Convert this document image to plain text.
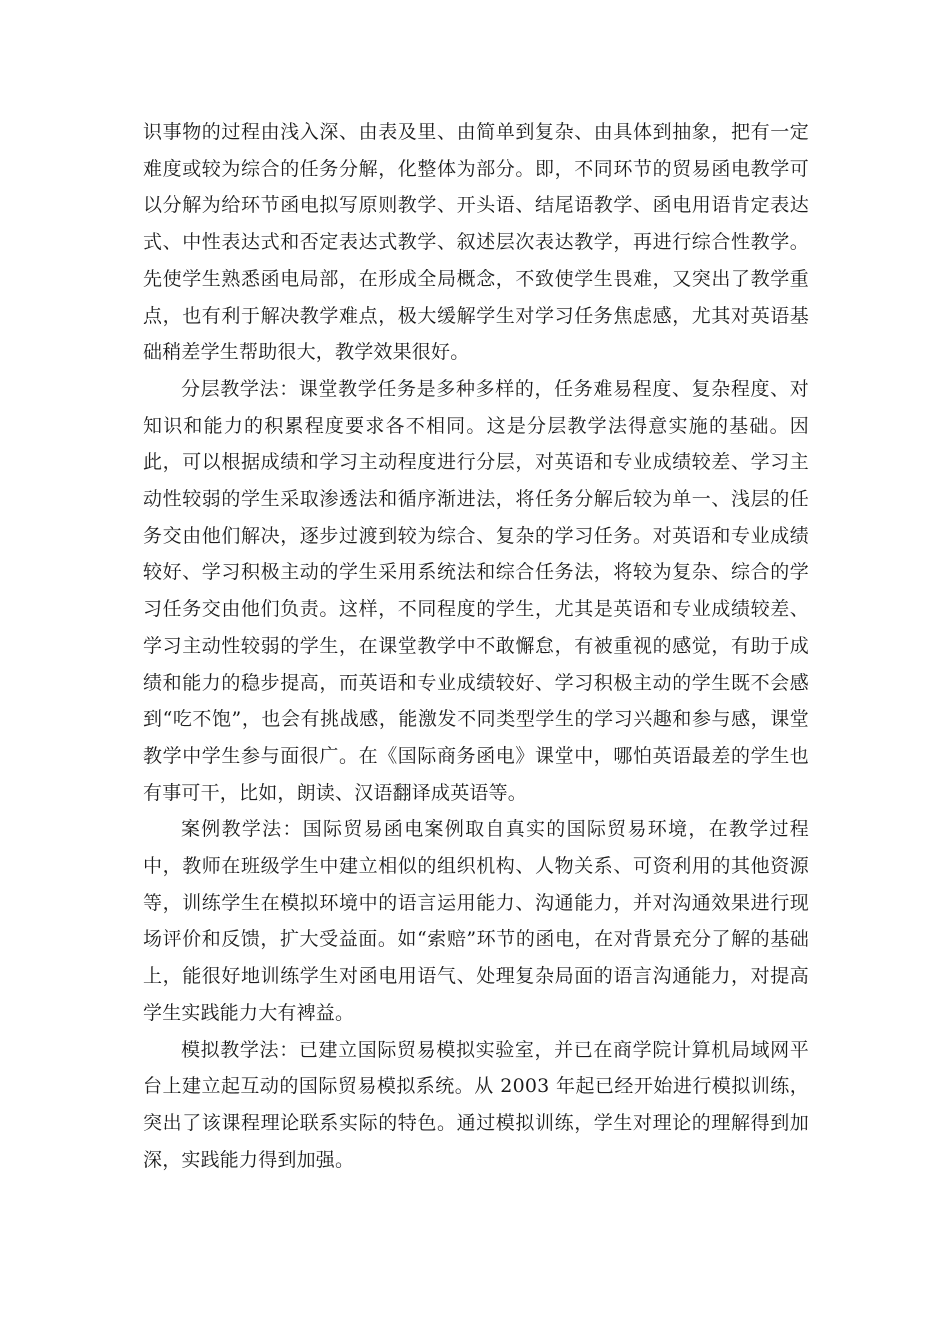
识事物的过程由浅入深、由表及里、由简单到复杂、由具体到抽象，把有一定难度或较为综合的任务分解，化整体为部分。即，不同环节的贸易函电教学可以分解为给环节函电拟写原则教学、开头语、结尾语教学、函电用语肯定表达式、中性表达式和否定表达式教学、叙述层次表达教学，再进行综合性教学。先使学生熟悉函电局部，在形成全局概念，不致使学生畏难，又突出了教学重点，也有利于解决教学难点，极大缓解学生对学习任务焦虑感，尤其对英语基础稍差学生帮助很大，教学效果很好。

分层教学法：课堂教学任务是多种多样的，任务难易程度、复杂程度、对知识和能力的积累程度要求各不相同。这是分层教学法得意实施的基础。因此，可以根据成绩和学习主动程度进行分层，对英语和专业成绩较差、学习主动性较弱的学生采取渗透法和循序渐进法，将任务分解后较为单一、浅层的任务交由他们解决，逐步过渡到较为综合、复杂的学习任务。对英语和专业成绩较好、学习积极主动的学生采用系统法和综合任务法，将较为复杂、综合的学习任务交由他们负责。这样，不同程度的学生，尤其是英语和专业成绩较差、学习主动性较弱的学生，在课堂教学中不敢懈怠，有被重视的感觉，有助于成绩和能力的稳步提高，而英语和专业成绩较好、学习积极主动的学生既不会感到“吃不饱”，也会有挑战感，能激发不同类型学生的学习兴趣和参与感，课堂教学中学生参与面很广。在《国际商务函电》课堂中，哪怕英语最差的学生也有事可干，比如，朗读、汉语翻译成英语等。

案例教学法：国际贸易函电案例取自真实的国际贸易环境，在教学过程中，教师在班级学生中建立相似的组织机构、人物关系、可资利用的其他资源等，训练学生在模拟环境中的语言运用能力、沟通能力，并对沟通效果进行现场评价和反馈，扩大受益面。如“索赔”环节的函电，在对背景充分了解的基础上，能很好地训练学生对函电用语气、处理复杂局面的语言沟通能力，对提高学生实践能力大有裨益。

模拟教学法：已建立国际贸易模拟实验室，并已在商学院计算机局域网平台上建立起互动的国际贸易模拟系统。从 2003 年起已经开始进行模拟训练，突出了该课程理论联系实际的特色。通过模拟训练，学生对理论的理解得到加深，实践能力得到加强。
